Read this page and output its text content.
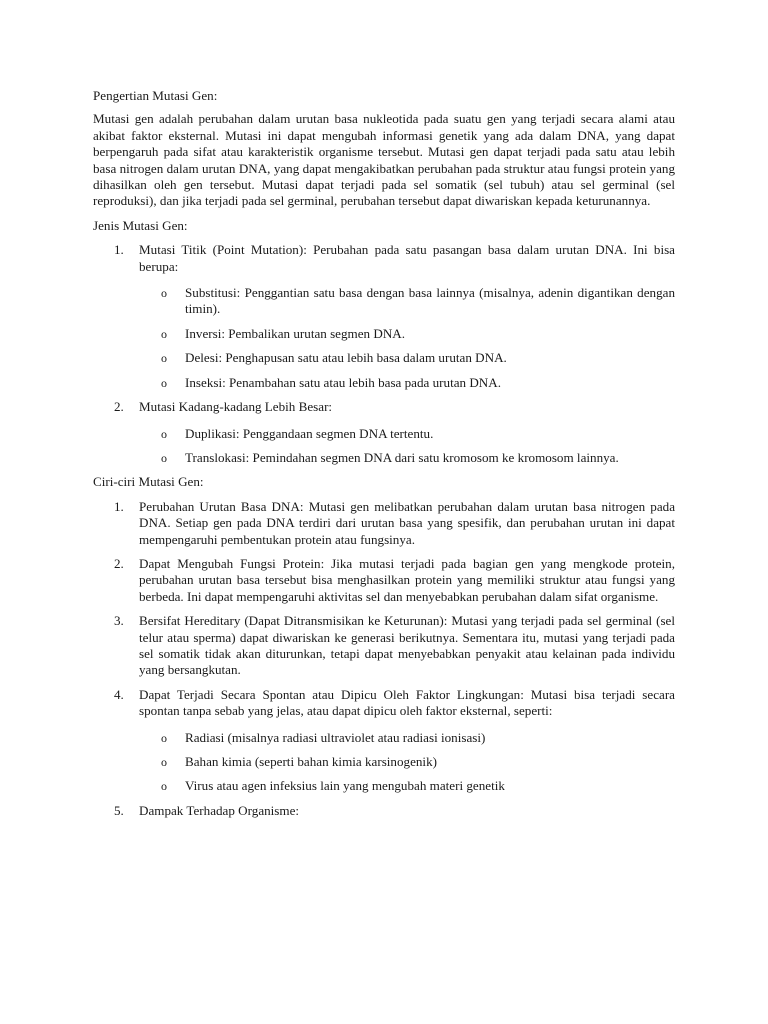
Pengertian Mutasi Gen:

Mutasi gen adalah perubahan dalam urutan basa nukleotida pada suatu gen yang terjadi secara alami atau akibat faktor eksternal. Mutasi ini dapat mengubah informasi genetik yang ada dalam DNA, yang dapat berpengaruh pada sifat atau karakteristik organisme tersebut. Mutasi gen dapat terjadi pada satu atau lebih basa nitrogen dalam urutan DNA, yang dapat mengakibatkan perubahan pada struktur atau fungsi protein yang dihasilkan oleh gen tersebut. Mutasi dapat terjadi pada sel somatik (sel tubuh) atau sel germinal (sel reproduksi), dan jika terjadi pada sel germinal, perubahan tersebut dapat diwariskan kepada keturunannya.

Jenis Mutasi Gen:

1. Mutasi Titik (Point Mutation): Perubahan pada satu pasangan basa dalam urutan DNA. Ini bisa berupa:
o Substitusi: Penggantian satu basa dengan basa lainnya (misalnya, adenin digantikan dengan timin).
o Inversi: Pembalikan urutan segmen DNA.
o Delesi: Penghapusan satu atau lebih basa dalam urutan DNA.
o Inseksi: Penambahan satu atau lebih basa pada urutan DNA.
2. Mutasi Kadang-kadang Lebih Besar:
o Duplikasi: Penggandaan segmen DNA tertentu.
o Translokasi: Pemindahan segmen DNA dari satu kromosom ke kromosom lainnya.

Ciri-ciri Mutasi Gen:

1. Perubahan Urutan Basa DNA: Mutasi gen melibatkan perubahan dalam urutan basa nitrogen pada DNA. Setiap gen pada DNA terdiri dari urutan basa yang spesifik, dan perubahan urutan ini dapat mempengaruhi pembentukan protein atau fungsinya.
2. Dapat Mengubah Fungsi Protein: Jika mutasi terjadi pada bagian gen yang mengkode protein, perubahan urutan basa tersebut bisa menghasilkan protein yang memiliki struktur atau fungsi yang berbeda. Ini dapat mempengaruhi aktivitas sel dan menyebabkan perubahan dalam sifat organisme.
3. Bersifat Hereditary (Dapat Ditransmisikan ke Keturunan): Mutasi yang terjadi pada sel germinal (sel telur atau sperma) dapat diwariskan ke generasi berikutnya. Sementara itu, mutasi yang terjadi pada sel somatik tidak akan diturunkan, tetapi dapat menyebabkan penyakit atau kelainan pada individu yang bersangkutan.
4. Dapat Terjadi Secara Spontan atau Dipicu Oleh Faktor Lingkungan: Mutasi bisa terjadi secara spontan tanpa sebab yang jelas, atau dapat dipicu oleh faktor eksternal, seperti:
o Radiasi (misalnya radiasi ultraviolet atau radiasi ionisasi)
o Bahan kimia (seperti bahan kimia karsinogenik)
o Virus atau agen infeksius lain yang mengubah materi genetik
5. Dampak Terhadap Organisme:
